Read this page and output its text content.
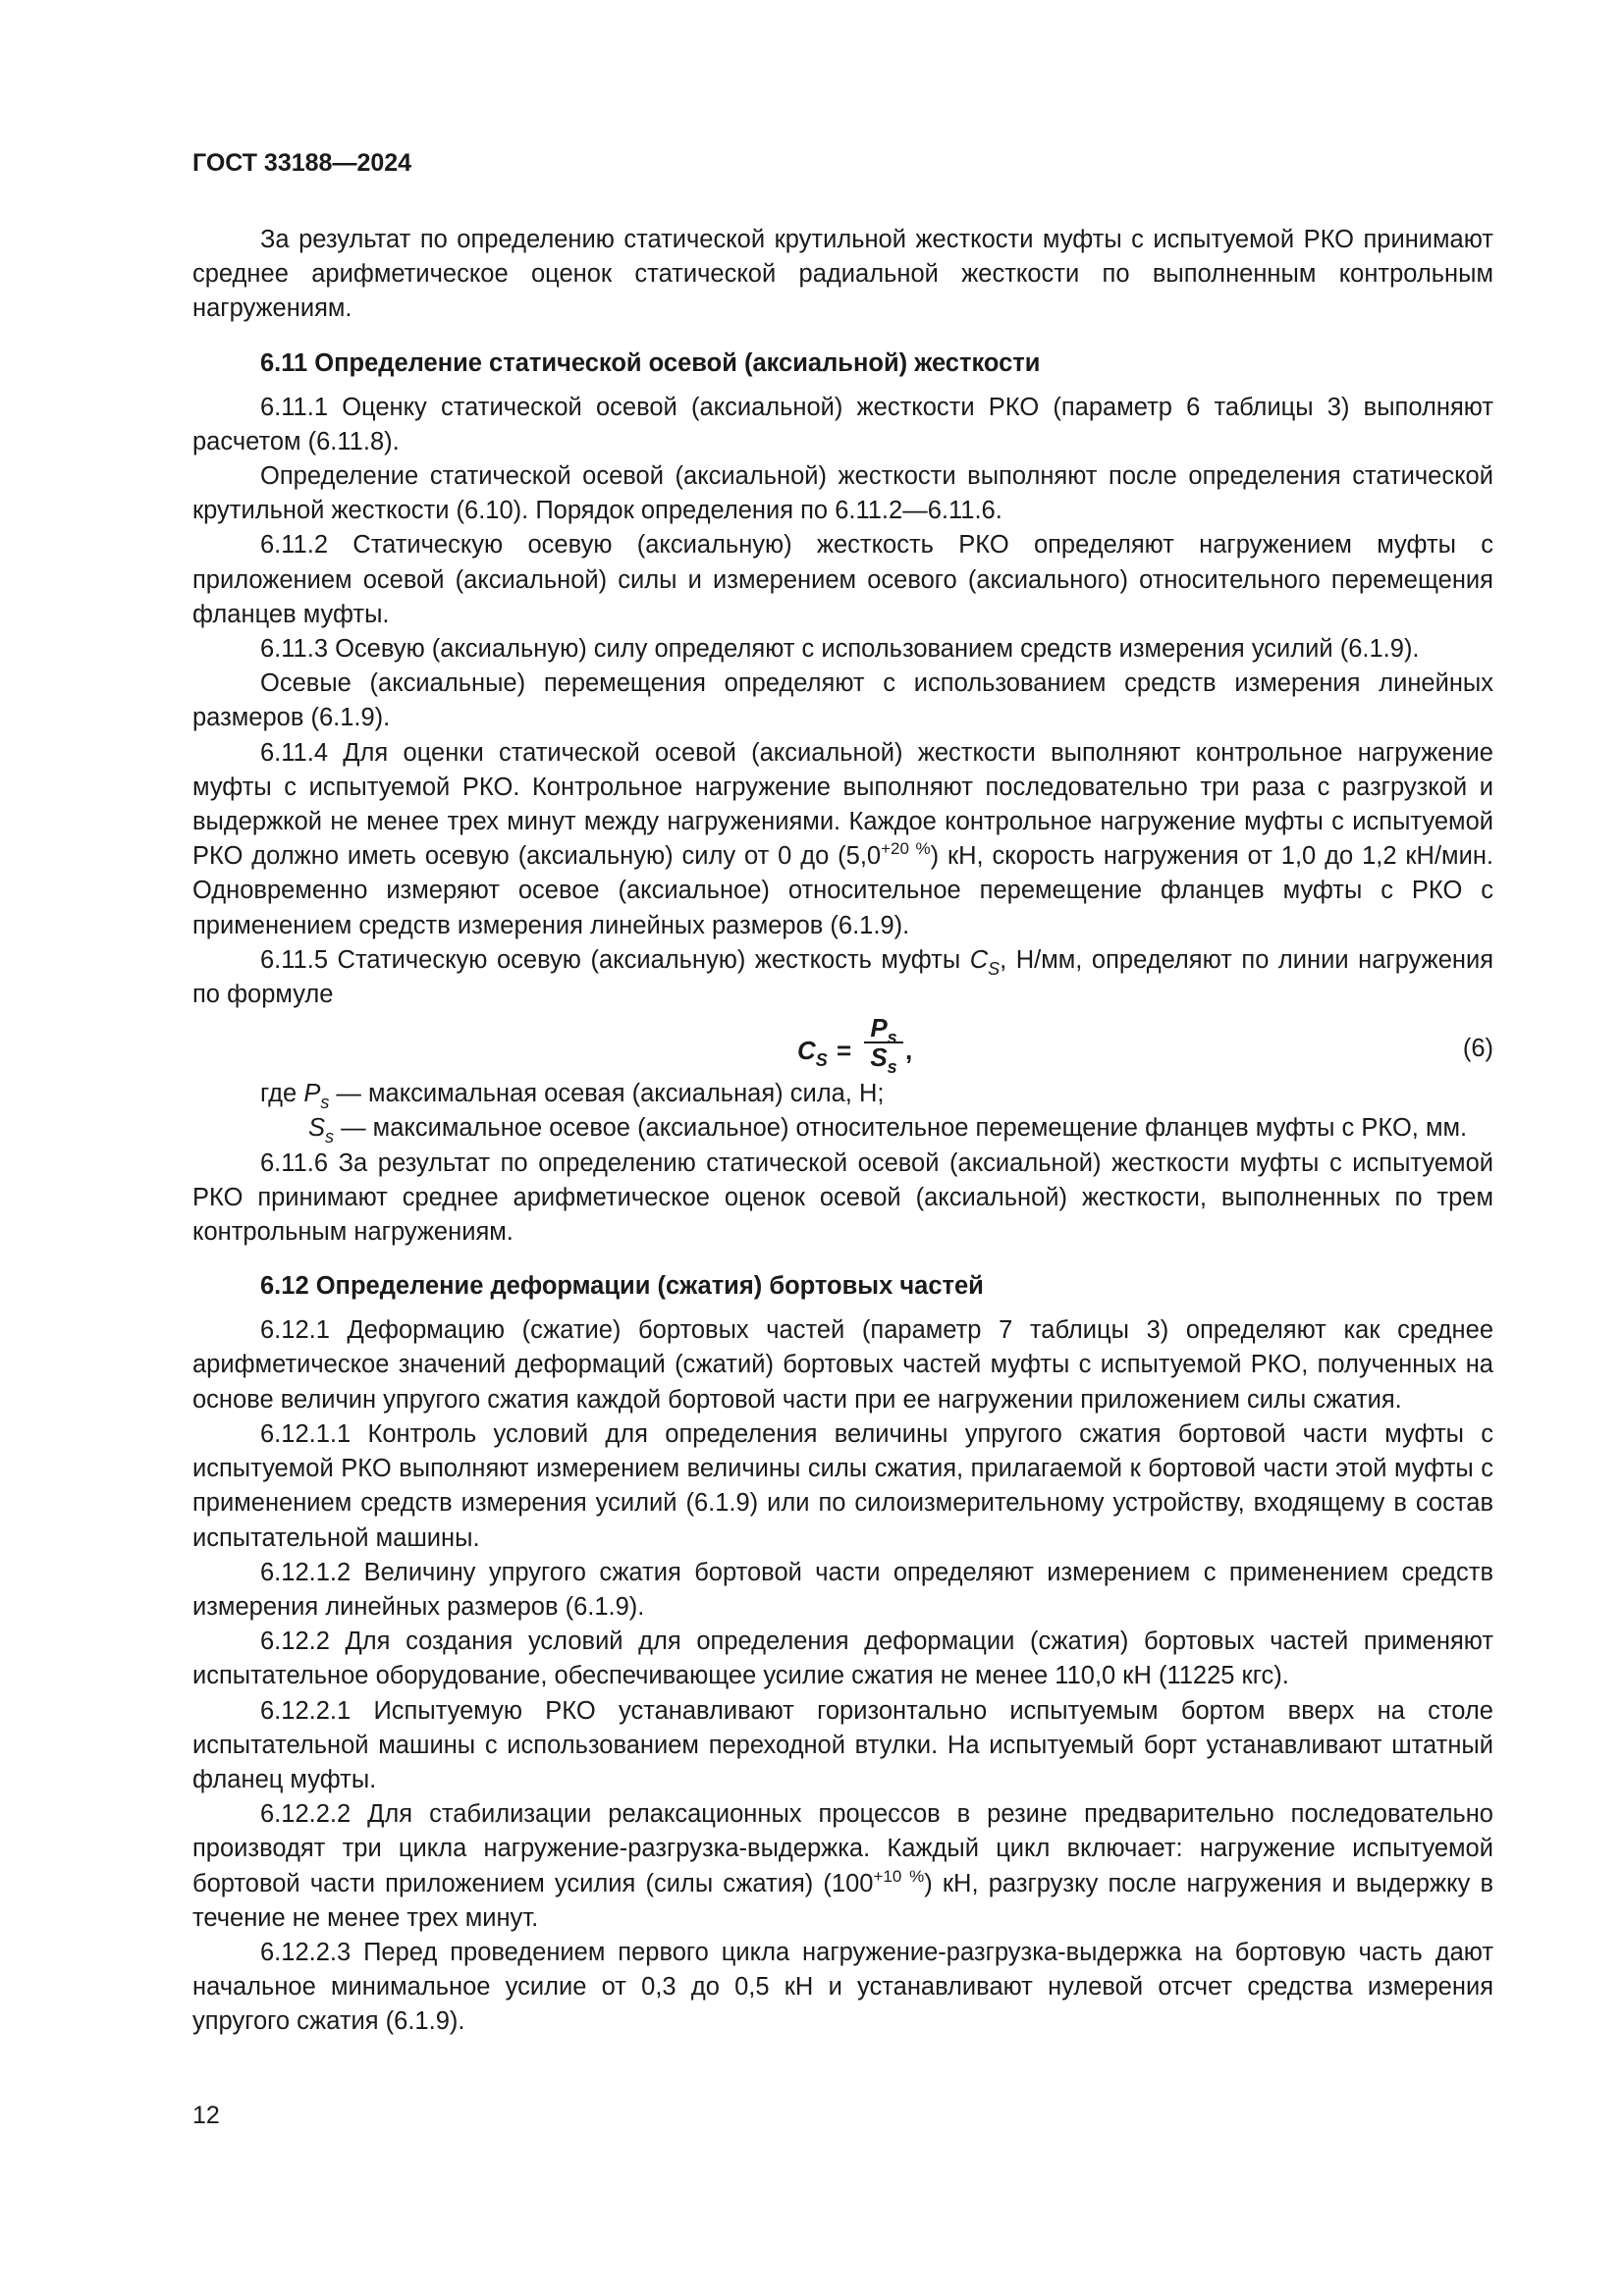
ГОСТ 33188—2024

За результат по определению статической крутильной жесткости муфты с испытуемой РКО принимают среднее арифметическое оценок статической радиальной жесткости по выполненным контрольным нагружениям.

6.11 Определение статической осевой (аксиальной) жесткости

6.11.1 Оценку статической осевой (аксиальной) жесткости РКО (параметр 6 таблицы 3) выполняют расчетом (6.11.8).

Определение статической осевой (аксиальной) жесткости выполняют после определения статической крутильной жесткости (6.10). Порядок определения по 6.11.2—6.11.6.

6.11.2 Статическую осевую (аксиальную) жесткость РКО определяют нагружением муфты с приложением осевой (аксиальной) силы и измерением осевого (аксиального) относительного перемещения фланцев муфты.

6.11.3 Осевую (аксиальную) силу определяют с использованием средств измерения усилий (6.1.9).

Осевые (аксиальные) перемещения определяют с использованием средств измерения линейных размеров (6.1.9).

6.11.4 Для оценки статической осевой (аксиальной) жесткости выполняют контрольное нагружение муфты с испытуемой РКО. Контрольное нагружение выполняют последовательно три раза с разгрузкой и выдержкой не менее трех минут между нагружениями. Каждое контрольное нагружение муфты с испытуемой РКО должно иметь осевую (аксиальную) силу от 0 до $(5,0^{+20 \%})$ кН, скорость нагружения от 1,0 до 1,2 кН/мин. Одновременно измеряют осевое (аксиальное) относительное перемещение фланцев муфты с РКО с применением средств измерения линейных размеров (6.1.9).

6.11.5 Статическую осевую (аксиальную) жесткость муфты $C_S$, Н/мм, определяют по линии нагружения по формуле

$C_S = \frac{P_s}{S_s}$ ,	(6)

где $P_s$ — максимальная осевая (аксиальная) сила, Н;

$S_s$ — максимальное осевое (аксиальное) относительное перемещение фланцев муфты с РКО, мм.

6.11.6 За результат по определению статической осевой (аксиальной) жесткости муфты с испытуемой РКО принимают среднее арифметическое оценок осевой (аксиальной) жесткости, выполненных по трем контрольным нагружениям.

6.12 Определение деформации (сжатия) бортовых частей

6.12.1 Деформацию (сжатие) бортовых частей (параметр 7 таблицы 3) определяют как среднее арифметическое значений деформаций (сжатий) бортовых частей муфты с испытуемой РКО, полученных на основе величин упругого сжатия каждой бортовой части при ее нагружении приложением силы сжатия.

6.12.1.1 Контроль условий для определения величины упругого сжатия бортовой части муфты с испытуемой РКО выполняют измерением величины силы сжатия, прилагаемой к бортовой части этой муфты с применением средств измерения усилий (6.1.9) или по силоизмерительному устройству, входящему в состав испытательной машины.

6.12.1.2 Величину упругого сжатия бортовой части определяют измерением с применением средств измерения линейных размеров (6.1.9).

6.12.2 Для создания условий для определения деформации (сжатия) бортовых частей применяют испытательное оборудование, обеспечивающее усилие сжатия не менее 110,0 кН (11225 кгс).

6.12.2.1 Испытуемую РКО устанавливают горизонтально испытуемым бортом вверх на столе испытательной машины с использованием переходной втулки. На испытуемый борт устанавливают штатный фланец муфты.

6.12.2.2 Для стабилизации релаксационных процессов в резине предварительно последовательно производят три цикла нагружение-разгрузка-выдержка. Каждый цикл включает: нагружение испытуемой бортовой части приложением усилия (силы сжатия) $(100^{+10 \%})$ кН, разгрузку после нагружения и выдержку в течение не менее трех минут.

6.12.2.3 Перед проведением первого цикла нагружение-разгрузка-выдержка на бортовую часть дают начальное минимальное усилие от 0,3 до 0,5 кН и устанавливают нулевой отсчет средства измерения упругого сжатия (6.1.9).

12
